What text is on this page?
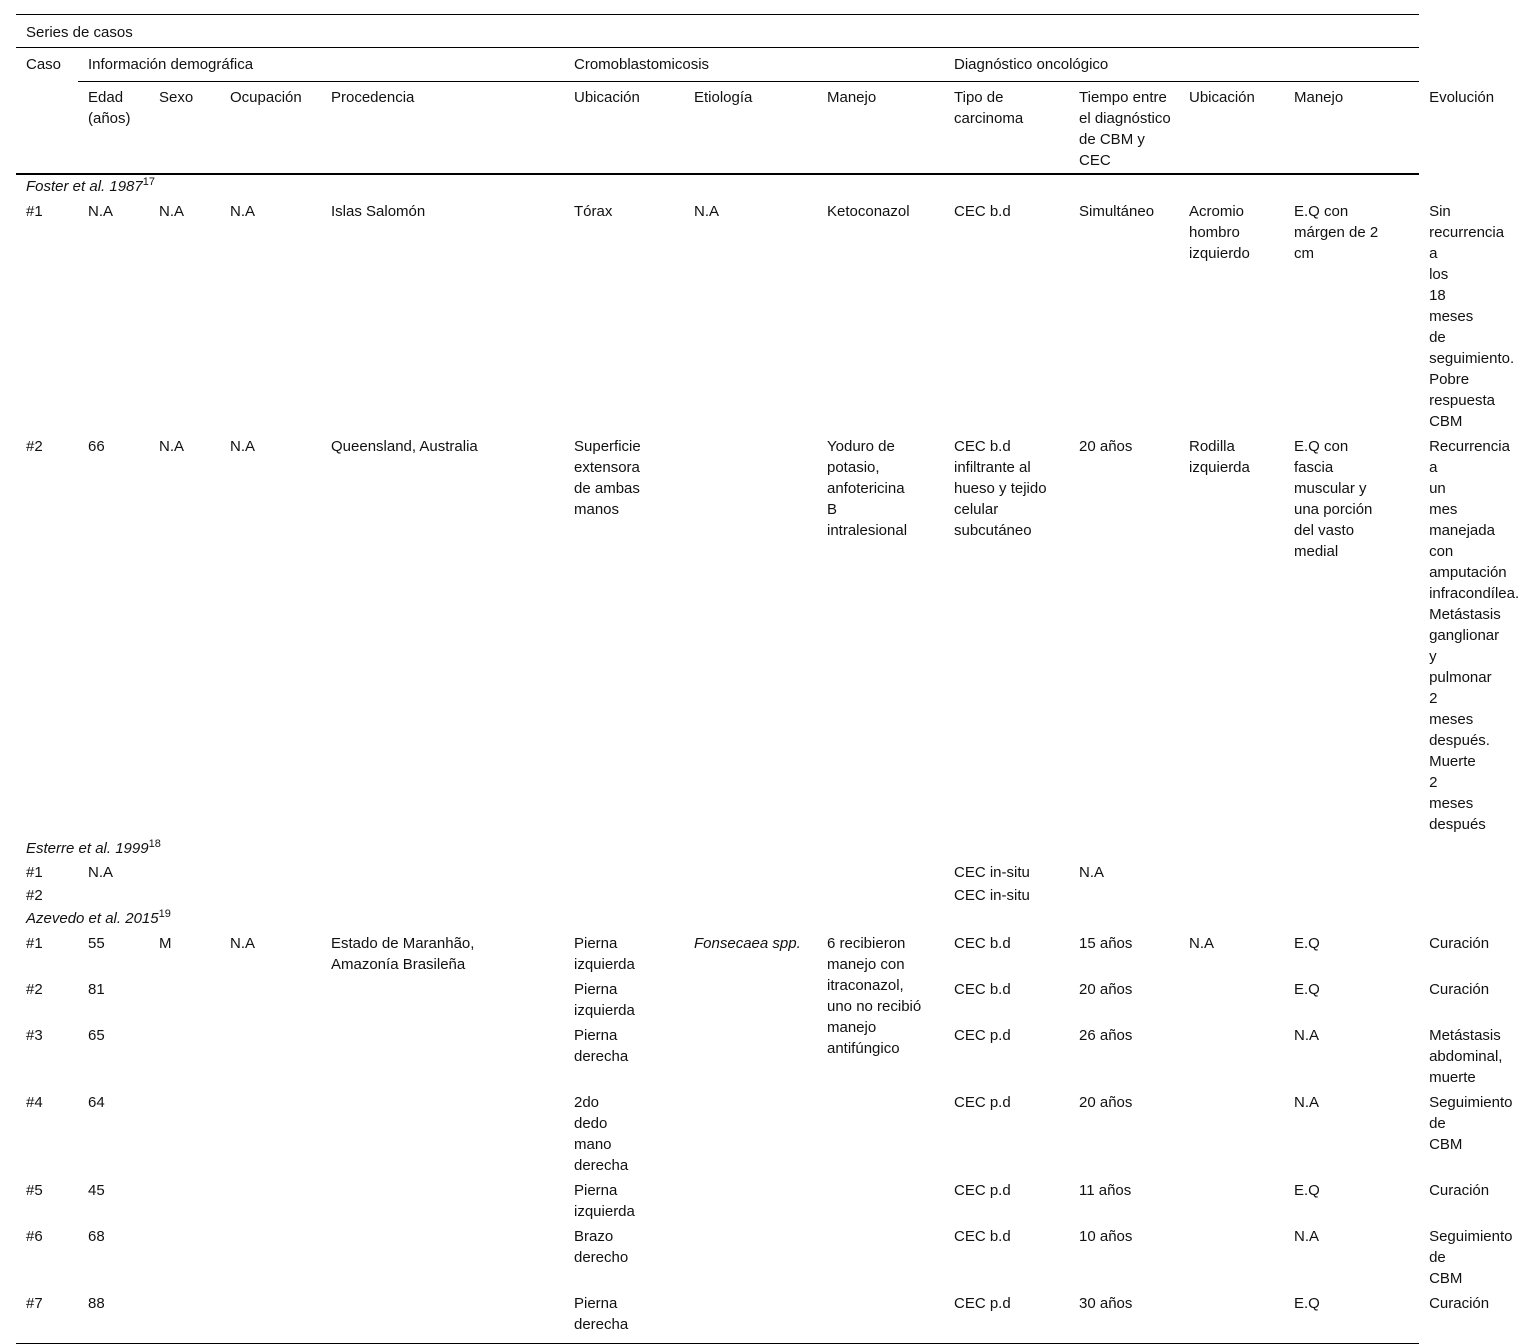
Series de casos												
Caso	Información demográfica				Cromoblastomicosis			Diagnóstico oncológico				
	Edad (años)	Sexo	Ocupación	Procedencia	Ubicación	Etiología	Manejo	Tipo de carcinoma	Tiempo entre el diagnóstico de CBM y CEC	Ubicación	Manejo	Evolución
Foster et al. 1987$^{17}$
#1	N.A	N.A	N.A	Islas Salomón	Tórax	N.A	Ketoconazol	CEC b.d	Simultáneo	Acromio hombro izquierdo	E.Q con márgen de 2 cm	Sin recurrencia a los 18 meses de seguimiento. Pobre respuesta CBM
#2	66	N.A	N.A	Queensland, Australia	Superficie extensora de ambas manos		Yoduro de potasio, anfotericina B intralesional	CEC b.d infiltrante al hueso y tejido celular subcutáneo	20 años	Rodilla izquierda	E.Q con fascia muscular y una porción del vasto medial	Recurrencia a un mes manejada con amputación infracondílea. Metástasis ganglionar y pulmonar 2 meses después. Muerte 2 meses después
Esterre et al. 1999$^{18}$
#1	N.A							CEC in-situ	N.A			
#2								CEC in-situ				
Azevedo et al. 2015$^{19}$
#1	55	M	N.A	Estado de Maranhão, Amazonía Brasileña	Pierna izquierda	Fonsecaea spp.	6 recibieron manejo con itraconazol, uno no recibió manejo antifúngico	CEC b.d	15 años	N.A	E.Q	Curación
#2	81				Pierna izquierda			CEC b.d	20 años		E.Q	Curación
#3	65				Pierna derecha			CEC p.d	26 años		N.A	Metástasis abdominal, muerte
#4	64				2do dedo mano derecha			CEC p.d	20 años		N.A	Seguimiento de CBM
#5	45				Pierna izquierda			CEC p.d	11 años		E.Q	Curación
#6	68				Brazo derecho			CEC b.d	10 años		N.A	Seguimiento de CBM
#7	88				Pierna derecha			CEC p.d	30 años		E.Q	Curación
